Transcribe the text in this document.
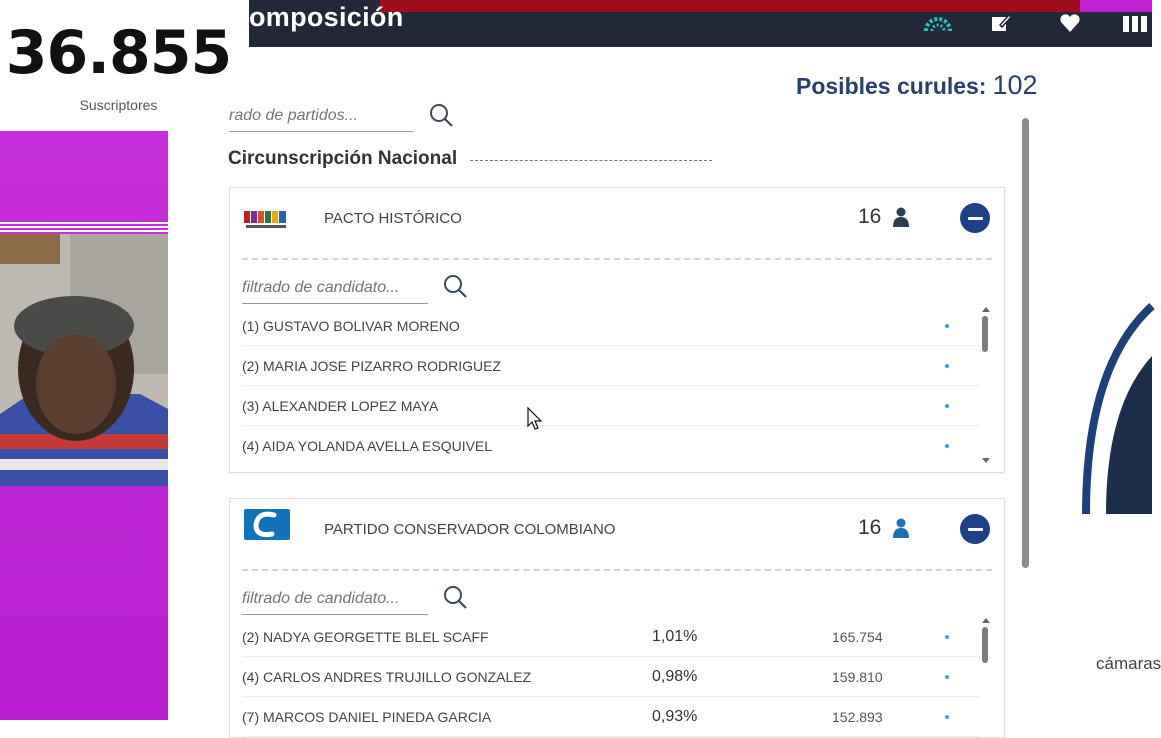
omposición
36.855
Suscriptores
Posibles curules: 102
rado de partidos...
Circunscripción Nacional
PACTO HISTÓRICO	16
filtrado de candidato...
(1) GUSTAVO BOLIVAR MORENO
(2) MARIA JOSE PIZARRO RODRIGUEZ
(3) ALEXANDER LOPEZ MAYA
(4) AIDA YOLANDA AVELLA ESQUIVEL
PARTIDO CONSERVADOR COLOMBIANO	16
filtrado de candidato...
(2) NADYA GEORGETTE BLEL SCAFF	1,01%	165.754
(4) CARLOS ANDRES TRUJILLO GONZALEZ	0,98%	159.810
(7) MARCOS DANIEL PINEDA GARCIA	0,93%	152.893
cámaras
